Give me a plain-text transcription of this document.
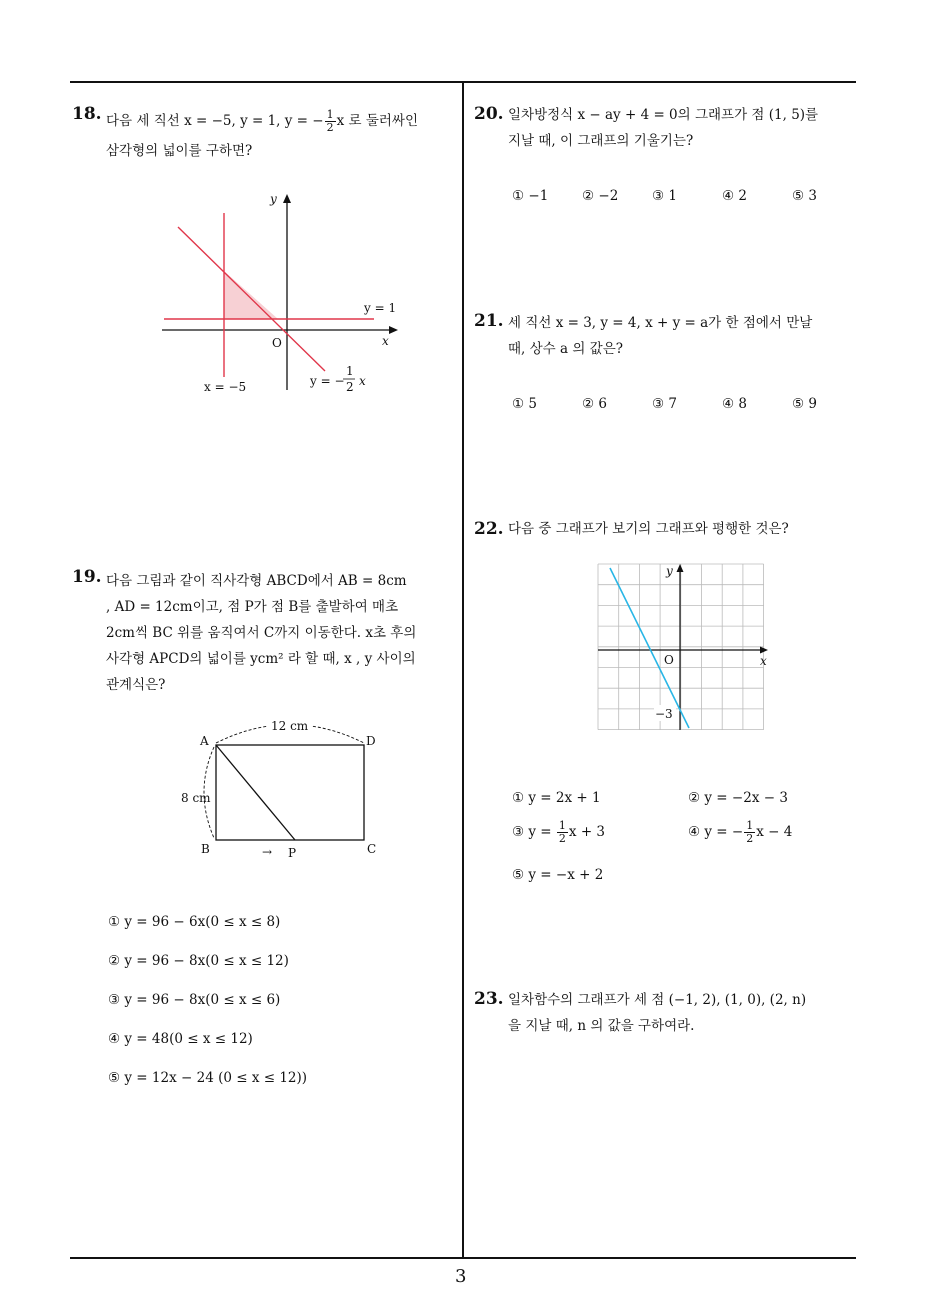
3
18. 다음 세 직선 x = −5, y = 1, y = − $\frac{1}{2}$ x 로 둘러싸인
삼각형의 넓이를 구하면?
y
x
O
y = 1
x = −5	y = −
1
2 x
19. 다음 그림과 같이 직사각형 ABCD에서 AB = 8cm
, AD = 12cm이고, 점 P가 점 B를 출발하여 매초
2cm씩 BC 위를 움직여서 C까지 이동한다. x초 후의
사각형 APCD의 넓이를 ycm² 라 할 때, x , y 사이의
관계식은?
12 cm
8 cm
A	D
B	C
→ P
① y = 96 − 6x(0 ≤ x ≤ 8)
② y = 96 − 8x(0 ≤ x ≤ 12)
③ y = 96 − 8x(0 ≤ x ≤ 6)
④ y = 48(0 ≤ x ≤ 12)
⑤ y = 12x − 24 (0 ≤ x ≤ 12))
20. 일차방정식 x − ay + 4 = 0의 그래프가 점 (1, 5)를
지날 때, 이 그래프의 기울기는?
① −1 ② −2 ③ 1	④ 2	⑤ 3
21. 세 직선 x = 3, y = 4, x + y = a가 한 점에서 만날
때, 상수 a 의 값은?
① 5	② 6	③ 7	④ 8	⑤ 9
22. 다음 중 그래프가 보기의 그래프와 평행한 것은?
y
x
O
−3
① y = 2x + 1	② y = −2x − 3
③ $y = \frac{1}{2}$ x + 3	④ y = − $\frac{1}{2}$ x − 4
⑤ y = −x + 2
23. 일차함수의 그래프가 세 점 (−1, 2), (1, 0), (2, n)
을 지날 때, n 의 값을 구하여라.
